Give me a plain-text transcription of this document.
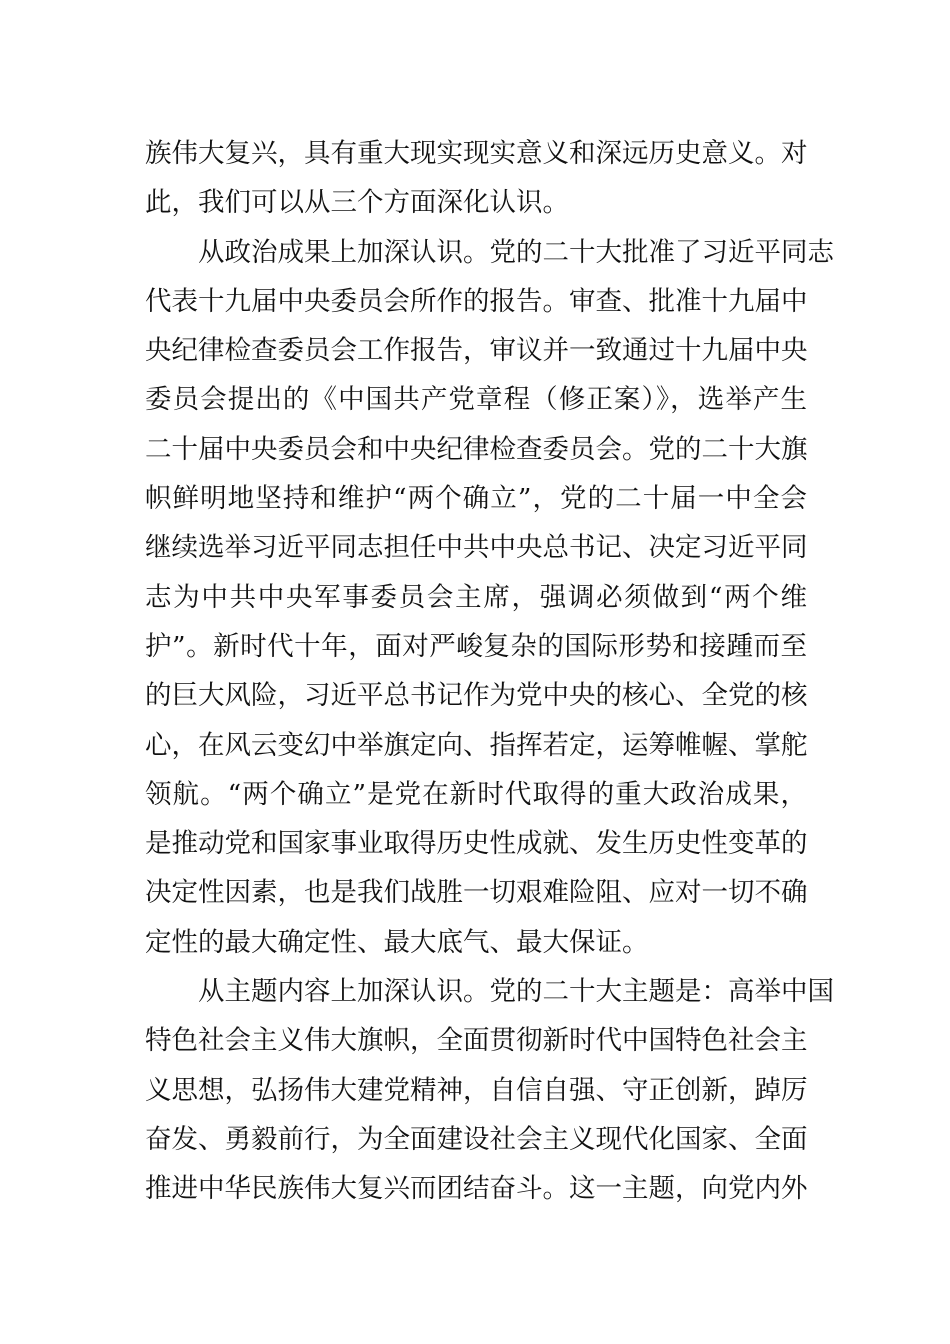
族伟大复兴，具有重大现实现实意义和深远历史意义。对
此，我们可以从三个方面深化认识。
从政治成果上加深认识。党的二十大批准了习近平同志
代表十九届中央委员会所作的报告。审查、批准十九届中
央纪律检查委员会工作报告，审议并一致通过十九届中央
委员会提出的《中国共产党章程（修正案）》，选举产生
二十届中央委员会和中央纪律检查委员会。党的二十大旗
帜鲜明地坚持和维护“两个确立”，党的二十届一中全会
继续选举习近平同志担任中共中央总书记、决定习近平同
志为中共中央军事委员会主席，强调必须做到“两个维
护”。新时代十年，面对严峻复杂的国际形势和接踵而至
的巨大风险，习近平总书记作为党中央的核心、全党的核
心，在风云变幻中举旗定向、指挥若定，运筹帷幄、掌舵
领航。“两个确立”是党在新时代取得的重大政治成果，
是推动党和国家事业取得历史性成就、发生历史性变革的
决定性因素，也是我们战胜一切艰难险阻、应对一切不确
定性的最大确定性、最大底气、最大保证。
从主题内容上加深认识。党的二十大主题是：高举中国
特色社会主义伟大旗帜，全面贯彻新时代中国特色社会主
义思想，弘扬伟大建党精神，自信自强、守正创新，踔厉
奋发、勇毅前行，为全面建设社会主义现代化国家、全面
推进中华民族伟大复兴而团结奋斗。这一主题，向党内外
